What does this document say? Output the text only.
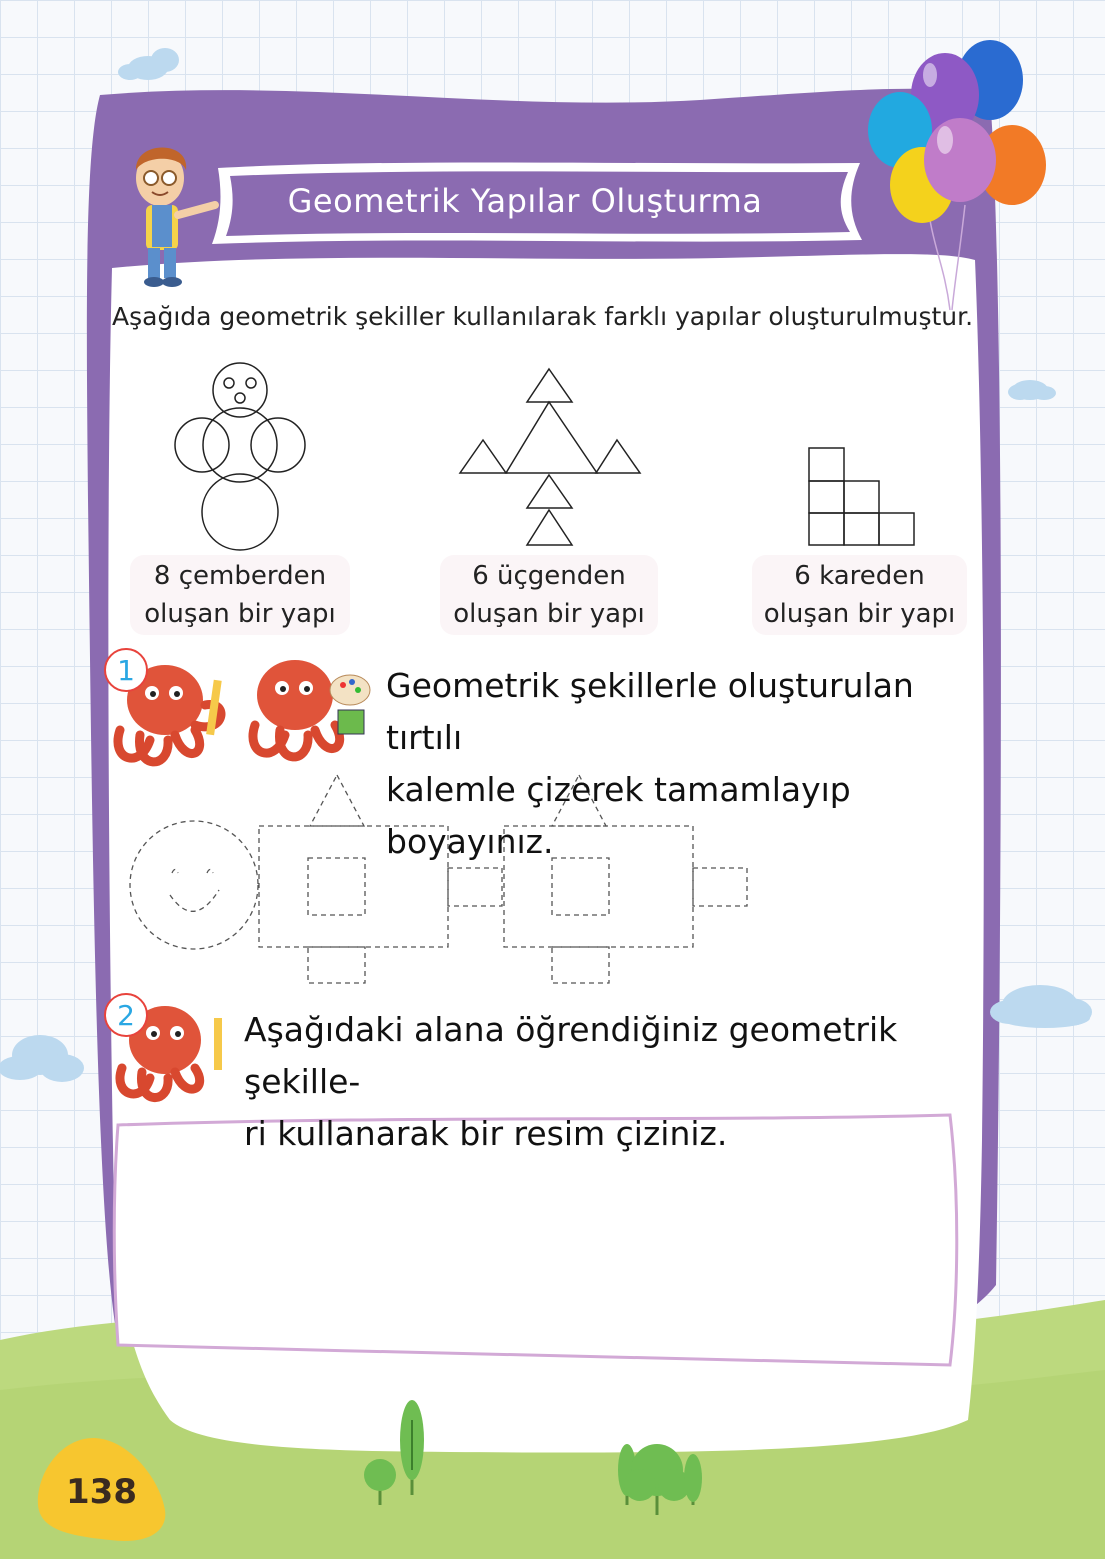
Geometrik Yapılar Oluşturma
Aşağıda geometrik şekiller kullanılarak farklı yapılar oluşturulmuştur.
8 çemberden
oluşan bir yapı
6 üçgenden
oluşan bir yapı
6 kareden
oluşan bir yapı
1	Geometrik şekillerle oluşturulan tırtılı
kalemle çizerek tamamlayıp boyayınız.
2	Aşağıdaki alana öğrendiğiniz geometrik şekille-
ri kullanarak bir resim çiziniz.
138
